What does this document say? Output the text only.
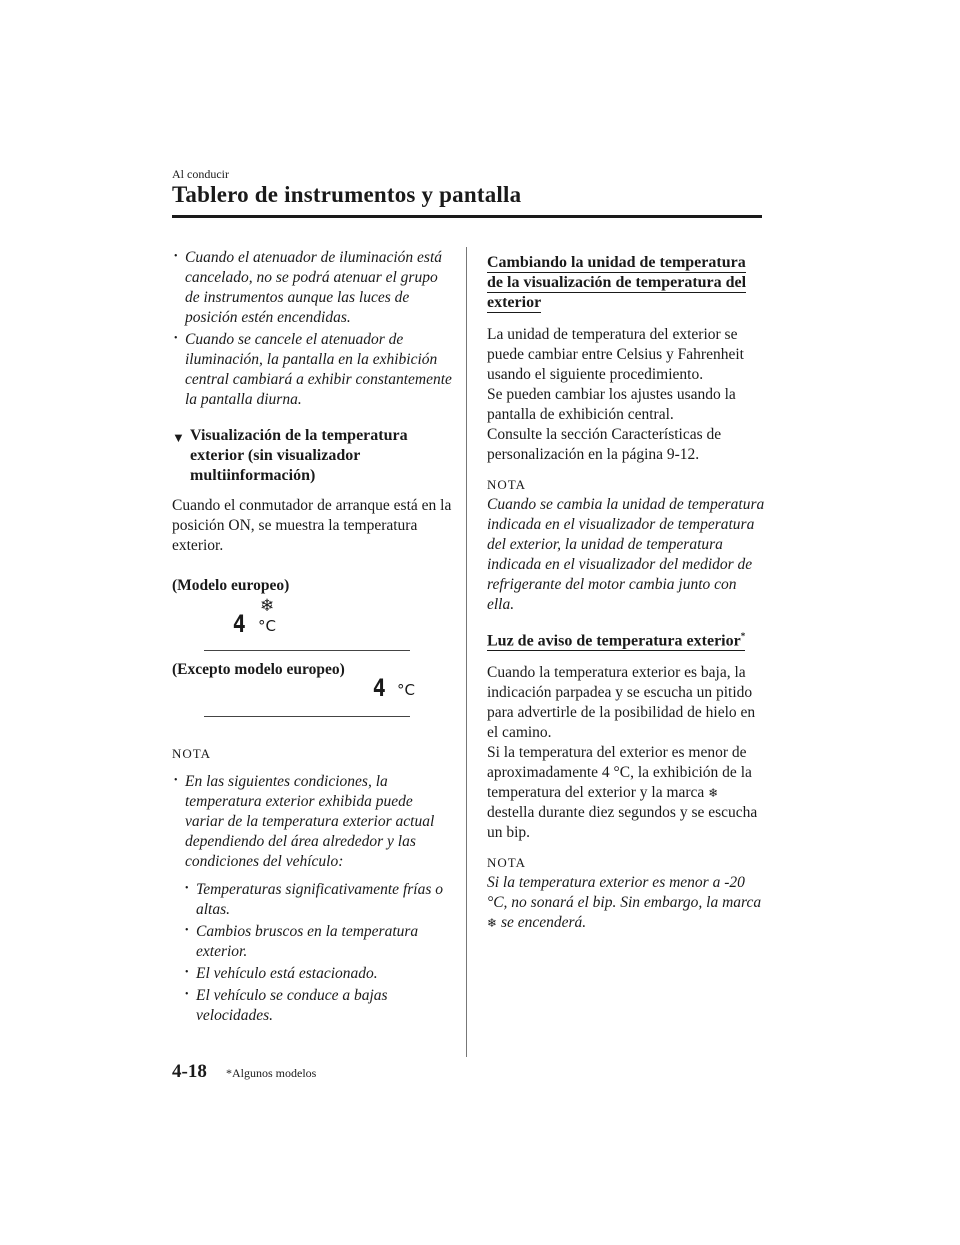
Al conducir
Tablero de instrumentos y pantalla
• Cuando el atenuador de iluminación está cancelado, no se podrá atenuar el grupo de instrumentos aunque las luces de posición estén encendidas.
• Cuando se cancele el atenuador de iluminación, la pantalla en la exhibición central cambiará a exhibir constantemente la pantalla diurna.
▼ Visualización de la temperatura exterior (sin visualizador multiinformación)
Cuando el conmutador de arranque está en la posición ON, se muestra la temperatura exterior.
(Modelo europeo)
❄
4 °C
(Excepto modelo europeo)
4 °C
NOTA
• En las siguientes condiciones, la temperatura exterior exhibida puede variar de la temperatura exterior actual dependiendo del área alrededor y las condiciones del vehículo:
• Temperaturas significativamente frías o altas.
• Cambios bruscos en la temperatura exterior.
• El vehículo está estacionado.
• El vehículo se conduce a bajas velocidades.
Cambiando la unidad de temperatura
de la visualización de temperatura del
exterior
La unidad de temperatura del exterior se puede cambiar entre Celsius y Fahrenheit usando el siguiente procedimiento.
Se pueden cambiar los ajustes usando la pantalla de exhibición central.
Consulte la sección Características de personalización en la página 9-12.
NOTA
Cuando se cambia la unidad de temperatura indicada en el visualizador de temperatura del exterior, la unidad de temperatura indicada en el visualizador del medidor de refrigerante del motor cambia junto con ella.
Luz de aviso de temperatura exterior*
Cuando la temperatura exterior es baja, la indicación parpadea y se escucha un pitido para advertirle de la posibilidad de hielo en el camino.
Si la temperatura del exterior es menor de aproximadamente 4 °C, la exhibición de la temperatura del exterior y la marca ❄ destella durante diez segundos y se escucha un bip.
NOTA
Si la temperatura exterior es menor a -20 °C, no sonará el bip. Sin embargo, la marca ❄ se encenderá.
4-18 *Algunos modelos
